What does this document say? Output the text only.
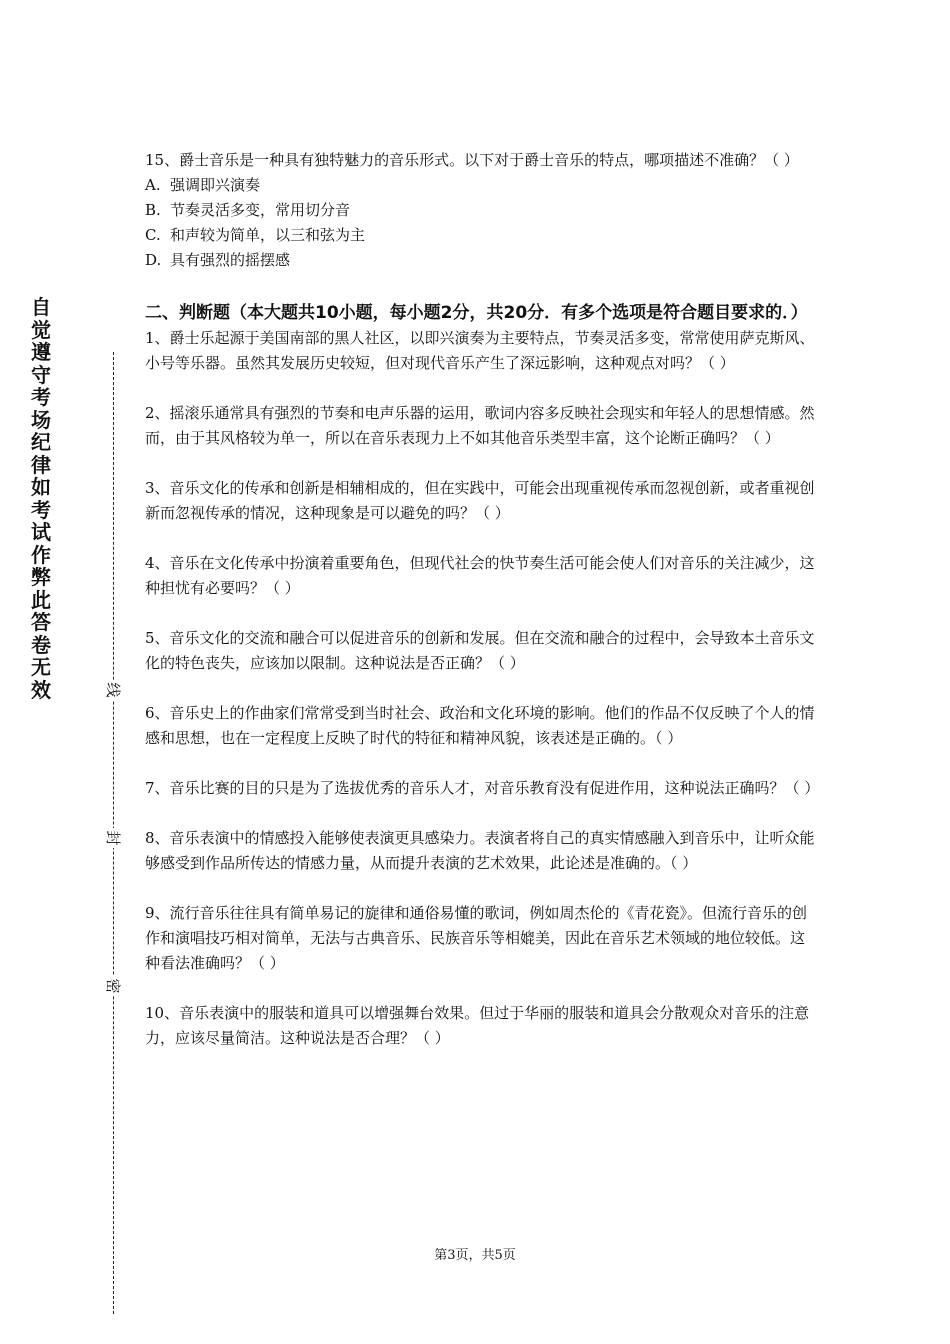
自觉遵守考场纪律如考试作弊此答卷无效	线
封
密

15、爵士音乐是一种具有独特魅力的音乐形式。以下对于爵士音乐的特点，哪项描述不准确？（ ）

A. 强调即兴演奏
B. 节奏灵活多变，常用切分音
C. 和声较为简单，以三和弦为主
D. 具有强烈的摇摆感
二、判断题（本大题共10小题，每小题2分，共20分．有多个选项是符合题目要求的．）
1、爵士乐起源于美国南部的黑人社区，以即兴演奏为主要特点，节奏灵活多变，常常使用萨克斯风、小号等乐器。虽然其发展历史较短，但对现代音乐产生了深远影响，这种观点对吗？（ ）
2、摇滚乐通常具有强烈的节奏和电声乐器的运用，歌词内容多反映社会现实和年轻人的思想情感。然而，由于其风格较为单一，所以在音乐表现力上不如其他音乐类型丰富，这个论断正确吗？（ ）
3、音乐文化的传承和创新是相辅相成的，但在实践中，可能会出现重视传承而忽视创新，或者重视创新而忽视传承的情况，这种现象是可以避免的吗？（ ）
4、音乐在文化传承中扮演着重要角色，但现代社会的快节奏生活可能会使人们对音乐的关注减少，这种担忧有必要吗？（ ）
5、音乐文化的交流和融合可以促进音乐的创新和发展。但在交流和融合的过程中，会导致本土音乐文化的特色丧失，应该加以限制。这种说法是否正确？（ ）
6、音乐史上的作曲家们常常受到当时社会、政治和文化环境的影响。他们的作品不仅反映了个人的情感和思想，也在一定程度上反映了时代的特征和精神风貌，该表述是正确的。（ ）
7、音乐比赛的目的只是为了选拔优秀的音乐人才，对音乐教育没有促进作用，这种说法正确吗？（ ）
8、音乐表演中的情感投入能够使表演更具感染力。表演者将自己的真实情感融入到音乐中，让听众能够感受到作品所传达的情感力量，从而提升表演的艺术效果，此论述是准确的。（ ）
9、流行音乐往往具有简单易记的旋律和通俗易懂的歌词，例如周杰伦的《青花瓷》。但流行音乐的创作和演唱技巧相对简单，无法与古典音乐、民族音乐等相媲美，因此在音乐艺术领域的地位较低。这种看法准确吗？（ ）
10、音乐表演中的服装和道具可以增强舞台效果。但过于华丽的服装和道具会分散观众对音乐的注意力，应该尽量简洁。这种说法是否合理？（ ）
第3页，共5页
